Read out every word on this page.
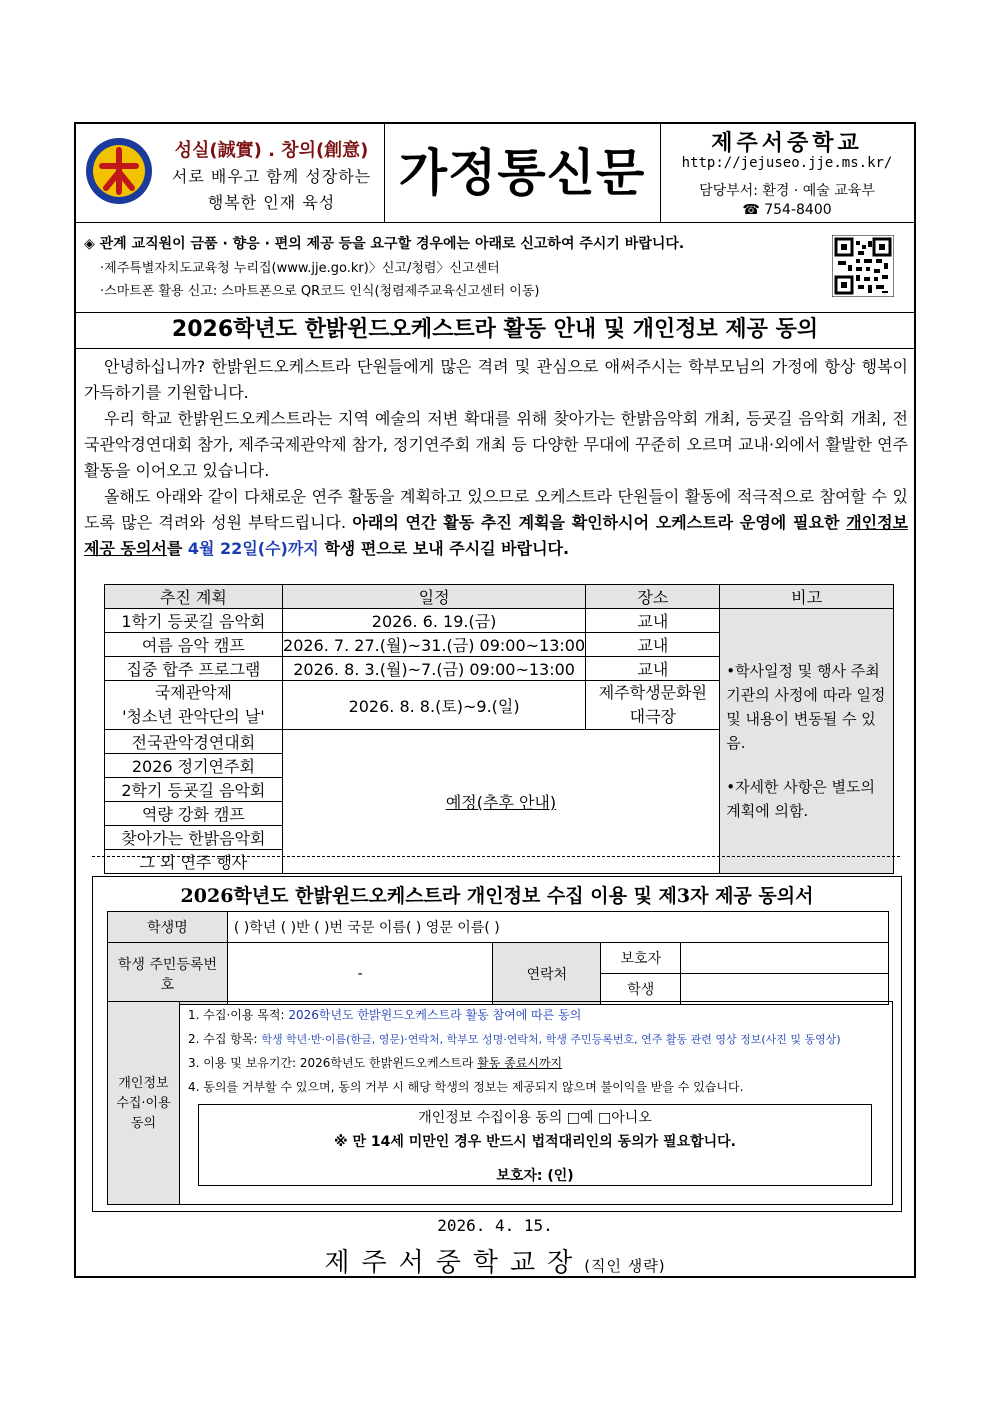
성실(誠實) . 창의(創意)
서로 배우고 함께 성장하는
행복한 인재 육성
가정통신문
제주서중학교
http://jejuseo.jje.ms.kr/
담당부서: 환경 · 예술 교육부
☎ 754-8400
◈ 관계 교직원이 금품 · 향응 · 편의 제공 등을 요구할 경우에는 아래로 신고하여 주시기 바랍니다.
·제주특별자치도교육청 누리집(www.jje.go.kr)〉신고/청렴〉신고센터
·스마트폰 활용 신고: 스마트폰으로 QR코드 인식(청렴제주교육신고센터 이동)
2026학년도 한밝윈드오케스트라 활동 안내 및 개인정보 제공 동의
안녕하십니까? 한밝윈드오케스트라 단원들에게 많은 격려 및 관심으로 애써주시는 학부모님의 가정에 항상 행복이 가득하기를 기원합니다.
우리 학교 한밝윈드오케스트라는 지역 예술의 저변 확대를 위해 찾아가는 한밝음악회 개최, 등굣길 음악회 개최, 전국관악경연대회 참가, 제주국제관악제 참가, 정기연주회 개최 등 다양한 무대에 꾸준히 오르며 교내·외에서 활발한 연주 활동을 이어오고 있습니다.
올해도 아래와 같이 다채로운 연주 활동을 계획하고 있으므로 오케스트라 단원들이 활동에 적극적으로 참여할 수 있도록 많은 격려와 성원 부탁드립니다. 아래의 연간 활동 추진 계획을 확인하시어 오케스트라 운영에 필요한 개인정보 제공 동의서를 4월 22일(수)까지 학생 편으로 보내 주시길 바랍니다.
추진 계획	일정	장소	비고
1학기 등굣길 음악회	2026. 6. 19.(금)	교내	•학사일정 및 행사 주최 기관의 사정에 따라 일정 및 내용이 변동될 수 있음.
•자세한 사항은 별도의 계획에 의함.

여름 음악 캠프	2026. 7. 27.(월)~31.(금) 09:00~13:00	교내	
집중 합주 프로그램	2026. 8. 3.(월)~7.(금) 09:00~13:00	교내	
국제관악제
'청소년 관악단의 날'	2026. 8. 8.(토)~9.(일)	제주학생문화원
대극장	
전국관악경연대회	예정(추후 안내)		
2026 정기연주회			
2학기 등굣길 음악회			
역량 강화 캠프			
찾아가는 한밝음악회			
그 외 연주 행사			
2026학년도 한밝윈드오케스트라 개인정보 수집 이용 및 제3자 제공 동의서
학생명	( )학년 ( )반 ( )번 국문 이름( ) 영문 이름( )			
학생 주민등록번호	-	연락처	보호자	
			학생	
개인정보
수집·이용
동의
1. 수집·이용 목적: 2026학년도 한밝윈드오케스트라 활동 참여에 따른 동의
2. 수집 항목: 학생 학년·반·이름(한글, 영문)·연락처, 학부모 성명·연락처, 학생 주민등록번호, 연주 활동 관련 영상 정보(사진 및 동영상)
3. 이용 및 보유기간: 2026학년도 한밝윈드오케스트라 활동 종료시까지
4. 동의를 거부할 수 있으며, 동의 거부 시 해당 학생의 정보는 제공되지 않으며 불이익을 받을 수 있습니다.
개인정보 수집이용 동의 □예 □아니오
※ 만 14세 미만인 경우 반드시 법적대리인의 동의가 필요합니다.
보호자: (인)
2026. 4. 15.
제주서중학교장(직인 생략)
